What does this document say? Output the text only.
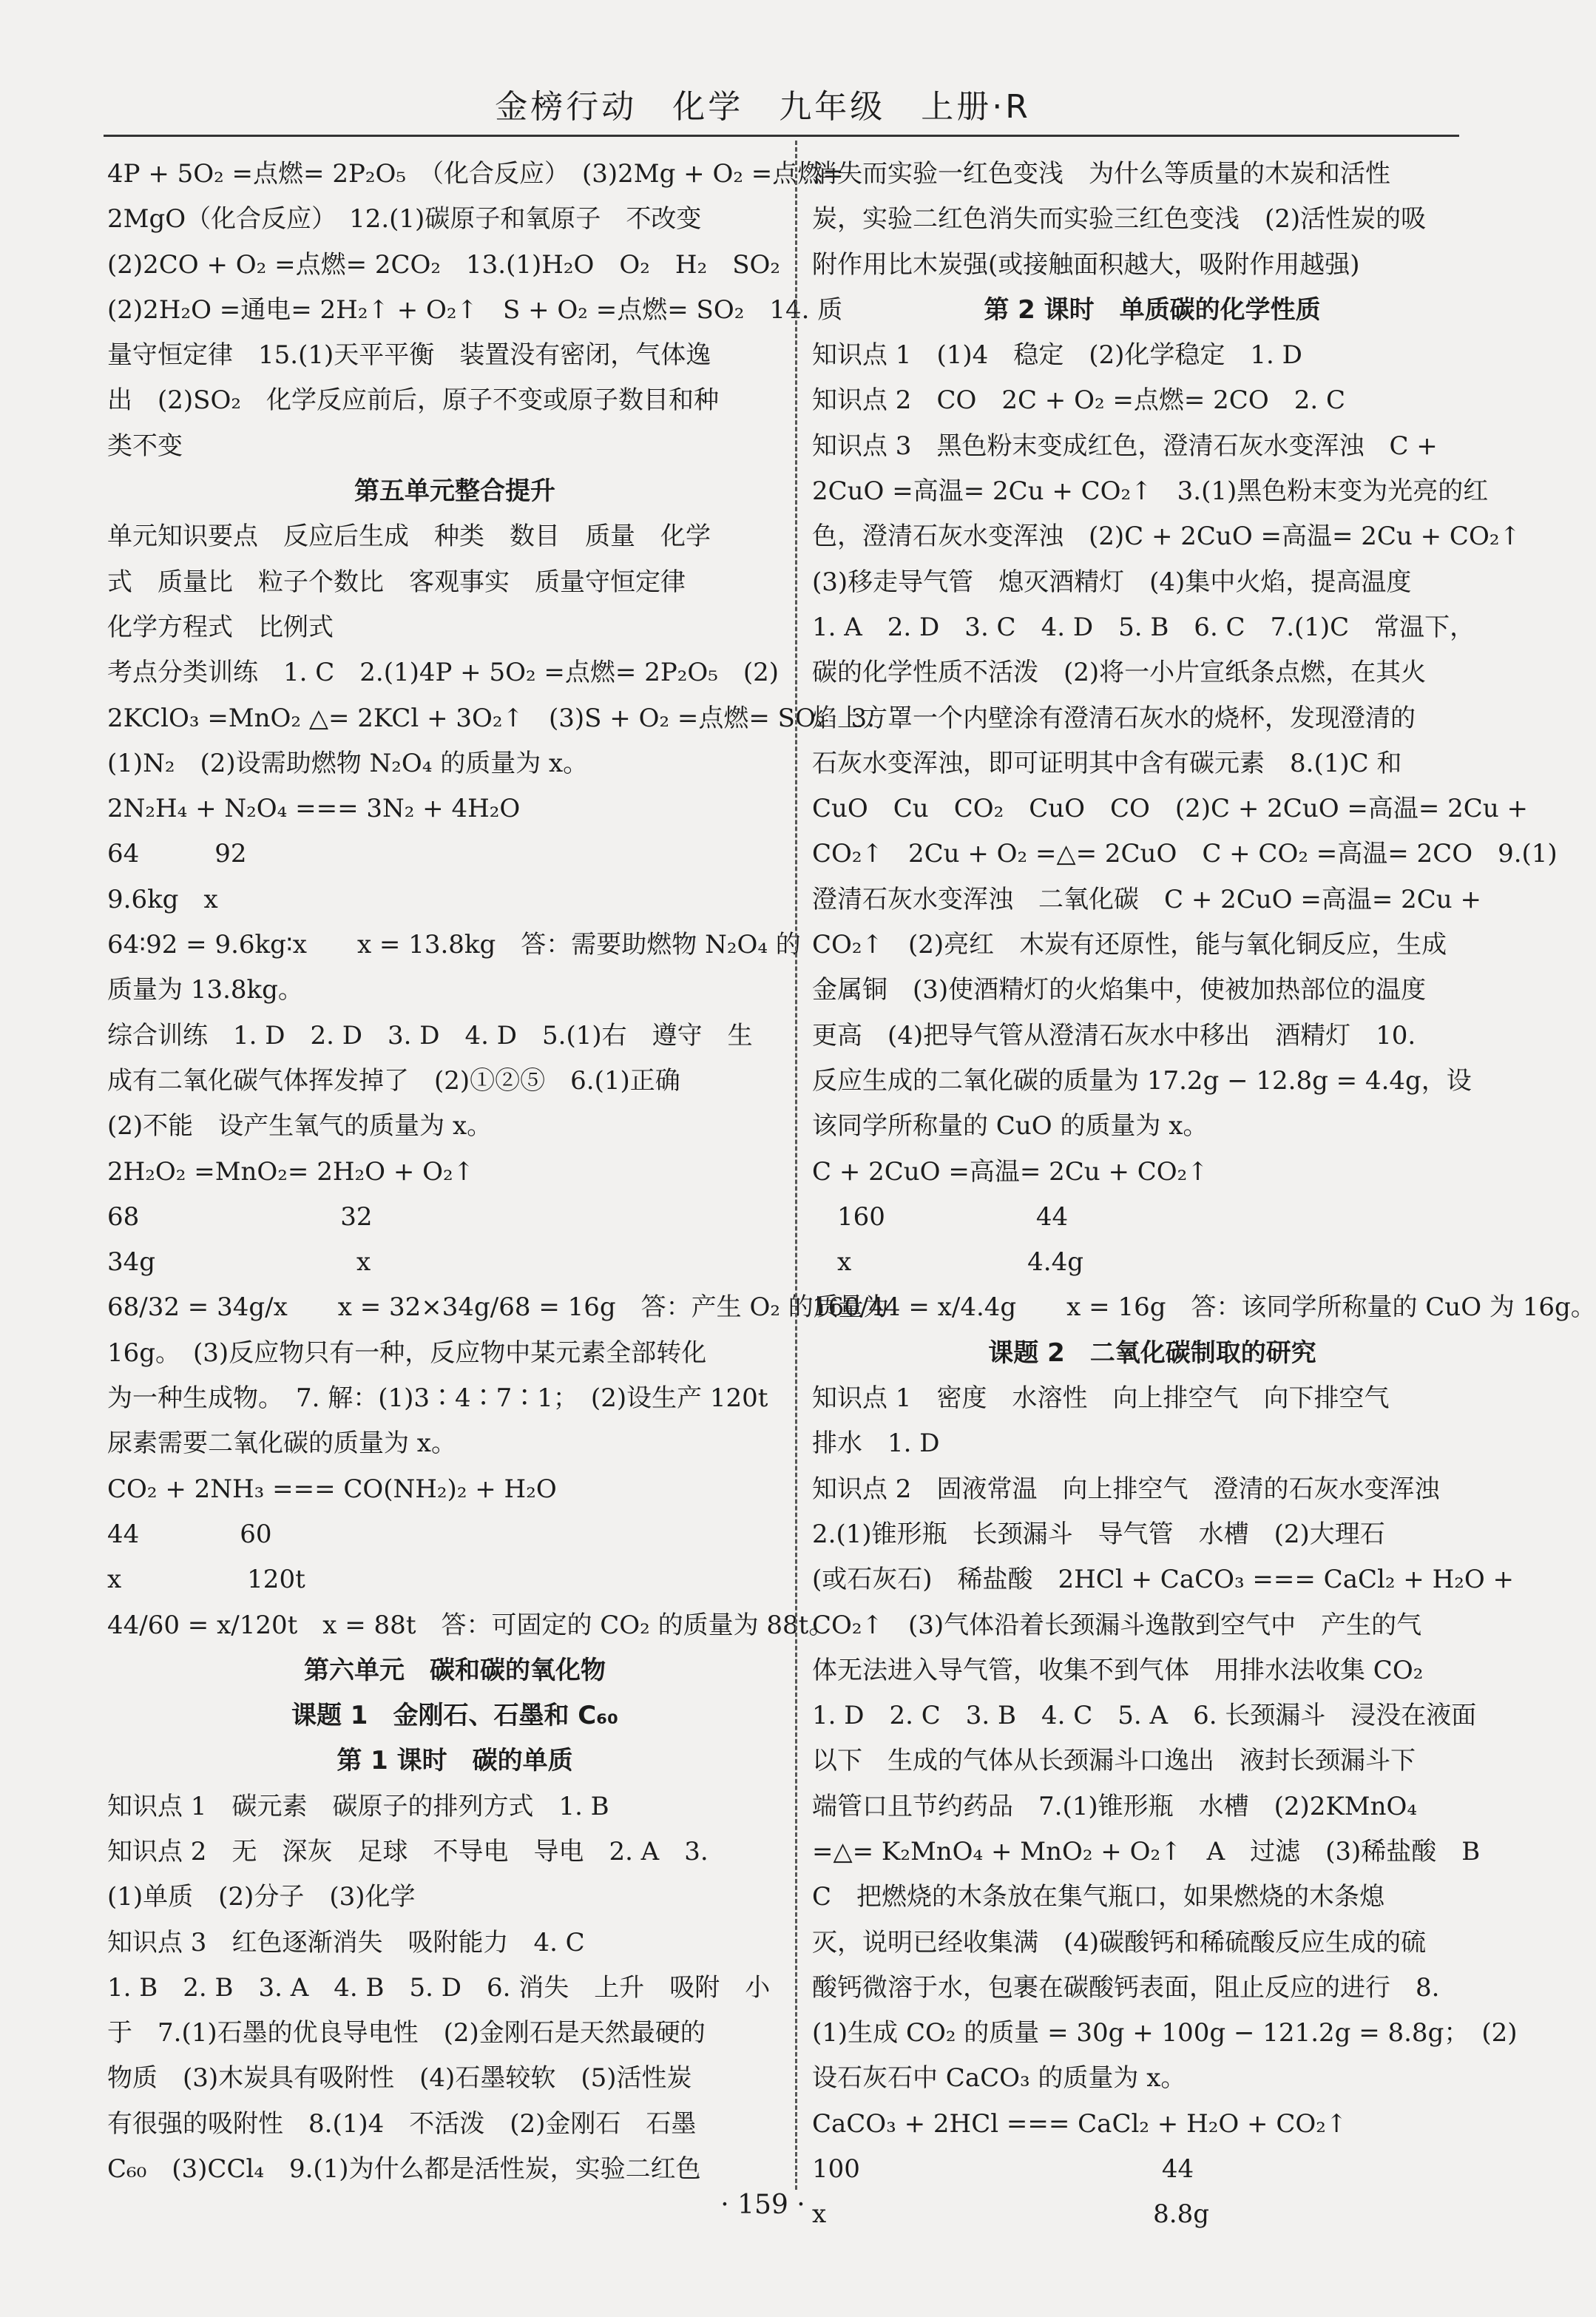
金榜行动　化学　九年级　上册·R
4P + 5O₂ =点燃= 2P₂O₅　（化合反应）　(3)2Mg + O₂ =点燃=
2MgO（化合反应）　12.(1)碳原子和氧原子　不改变
(2)2CO + O₂ =点燃= 2CO₂　13.(1)H₂O　O₂　H₂　SO₂
(2)2H₂O =通电= 2H₂↑ + O₂↑　S + O₂ =点燃= SO₂　14. 质
量守恒定律　15.(1)天平平衡　装置没有密闭，气体逸
出　(2)SO₂　化学反应前后，原子不变或原子数目和种
类不变
第五单元整合提升
单元知识要点　反应后生成　种类　数目　质量　化学
式　质量比　粒子个数比　客观事实　质量守恒定律
化学方程式　比例式
考点分类训练　1. C　2.(1)4P + 5O₂ =点燃= 2P₂O₅　(2)
2KClO₃ =MnO₂ △= 2KCl + 3O₂↑　(3)S + O₂ =点燃= SO₂　3.
(1)N₂　(2)设需助燃物 N₂O₄ 的质量为 x。
2N₂H₄ + N₂O₄ === 3N₂ + 4H₂O
64　　　92
9.6kg　x
64∶92 = 9.6kg∶x　　x = 13.8kg　答：需要助燃物 N₂O₄ 的
质量为 13.8kg。
综合训练　1. D　2. D　3. D　4. D　5.(1)右　遵守　生
成有二氧化碳气体挥发掉了　(2)①②⑤　6.(1)正确
(2)不能　设产生氧气的质量为 x。
2H₂O₂ =MnO₂= 2H₂O + O₂↑
68　　　　　　　　32
34g　　　　　　　　x
68/32 = 34g/x　　x = 32×34g/68 = 16g　答：产生 O₂ 的质量为
16g。　(3)反应物只有一种，反应物中某元素全部转化
为一种生成物。　7. 解：(1)3∶4∶7∶1；　(2)设生产 120t
尿素需要二氧化碳的质量为 x。
CO₂ + 2NH₃ === CO(NH₂)₂ + H₂O
44　　　　60
x　　　　　120t
44/60 = x/120t　x = 88t　答：可固定的 CO₂ 的质量为 88t。
第六单元　碳和碳的氧化物
课题 1　金刚石、石墨和 C₆₀
第 1 课时　碳的单质
知识点 1　碳元素　碳原子的排列方式　1. B
知识点 2　无　深灰　足球　不导电　导电　2. A　3.
(1)单质　(2)分子　(3)化学
知识点 3　红色逐渐消失　吸附能力　4. C
1. B　2. B　3. A　4. B　5. D　6. 消失　上升　吸附　小
于　7.(1)石墨的优良导电性　(2)金刚石是天然最硬的
物质　(3)木炭具有吸附性　(4)石墨较软　(5)活性炭
有很强的吸附性　8.(1)4　不活泼　(2)金刚石　石墨
C₆₀　(3)CCl₄　9.(1)为什么都是活性炭，实验二红色
消失而实验一红色变浅　为什么等质量的木炭和活性
炭，实验二红色消失而实验三红色变浅　(2)活性炭的吸
附作用比木炭强(或接触面积越大，吸附作用越强)
第 2 课时　单质碳的化学性质
知识点 1　(1)4　稳定　(2)化学稳定　1. D
知识点 2　CO　2C + O₂ =点燃= 2CO　2. C
知识点 3　黑色粉末变成红色，澄清石灰水变浑浊　C +
2CuO =高温= 2Cu + CO₂↑　3.(1)黑色粉末变为光亮的红
色，澄清石灰水变浑浊　(2)C + 2CuO =高温= 2Cu + CO₂↑
(3)移走导气管　熄灭酒精灯　(4)集中火焰，提高温度
1. A　2. D　3. C　4. D　5. B　6. C　7.(1)C　常温下，
碳的化学性质不活泼　(2)将一小片宣纸条点燃，在其火
焰上方罩一个内壁涂有澄清石灰水的烧杯，发现澄清的
石灰水变浑浊，即可证明其中含有碳元素　8.(1)C 和
CuO　Cu　CO₂　CuO　CO　(2)C + 2CuO =高温= 2Cu +
CO₂↑　2Cu + O₂ =△= 2CuO　C + CO₂ =高温= 2CO　9.(1)
澄清石灰水变浑浊　二氧化碳　C + 2CuO =高温= 2Cu +
CO₂↑　(2)亮红　木炭有还原性，能与氧化铜反应，生成
金属铜　(3)使酒精灯的火焰集中，使被加热部位的温度
更高　(4)把导气管从澄清石灰水中移出　酒精灯　10.
反应生成的二氧化碳的质量为 17.2g − 12.8g = 4.4g，设
该同学所称量的 CuO 的质量为 x。
C + 2CuO =高温= 2Cu + CO₂↑
　160　　　　　　44
　x　　　　　　　4.4g
160/44 = x/4.4g　　x = 16g　答：该同学所称量的 CuO 为 16g。
课题 2　二氧化碳制取的研究
知识点 1　密度　水溶性　向上排空气　向下排空气
排水　1. D
知识点 2　固液常温　向上排空气　澄清的石灰水变浑浊
2.(1)锥形瓶　长颈漏斗　导气管　水槽　(2)大理石
(或石灰石)　稀盐酸　2HCl + CaCO₃ === CaCl₂ + H₂O +
CO₂↑　(3)气体沿着长颈漏斗逸散到空气中　产生的气
体无法进入导气管，收集不到气体　用排水法收集 CO₂
1. D　2. C　3. B　4. C　5. A　6. 长颈漏斗　浸没在液面
以下　生成的气体从长颈漏斗口逸出　液封长颈漏斗下
端管口且节约药品　7.(1)锥形瓶　水槽　(2)2KMnO₄
=△= K₂MnO₄ + MnO₂ + O₂↑　A　过滤　(3)稀盐酸　B
C　把燃烧的木条放在集气瓶口，如果燃烧的木条熄
灭，说明已经收集满　(4)碳酸钙和稀硫酸反应生成的硫
酸钙微溶于水，包裹在碳酸钙表面，阻止反应的进行　8.
(1)生成 CO₂ 的质量 = 30g + 100g − 121.2g = 8.8g；　(2)
设石灰石中 CaCO₃ 的质量为 x。
CaCO₃ + 2HCl === CaCl₂ + H₂O + CO₂↑
100　　　　　　　　　　　　44
x　　　　　　　　　　　　　8.8g
· 159 ·
